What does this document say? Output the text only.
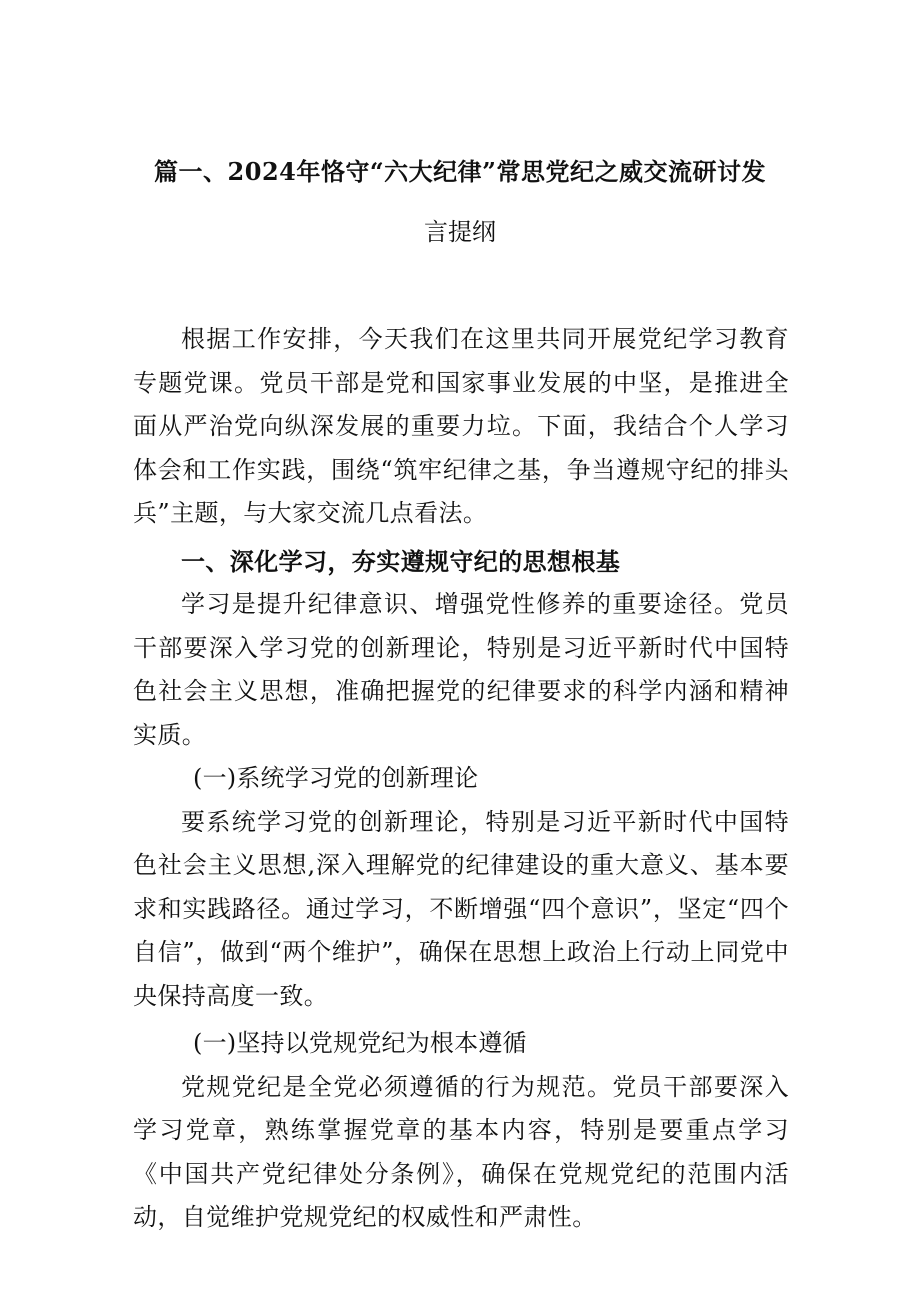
篇一、2024年恪守“六大纪律”常思党纪之威交流研讨发
言提纲

根据工作安排，今天我们在这里共同开展党纪学习教育专题党课。党员干部是党和国家事业发展的中坚，是推进全面从严治党向纵深发展的重要力垃。下面，我结合个人学习体会和工作实践，围绕“筑牢纪律之基，争当遵规守纪的排头兵”主题，与大家交流几点看法。

一、深化学习，夯实遵规守纪的思想根基

学习是提升纪律意识、增强党性修养的重要途径。党员干部要深入学习党的创新理论，特别是习近平新时代中国特色社会主义思想，准确把握党的纪律要求的科学内涵和精神实质。

(一)系统学习党的创新理论

要系统学习党的创新理论，特别是习近平新时代中国特色社会主义思想,深入理解党的纪律建设的重大意义、基本要求和实践路径。通过学习，不断增强“四个意识”，坚定“四个自信”，做到“两个维护”，确保在思想上政治上行动上同党中央保持高度一致。

(一)坚持以党规党纪为根本遵循

党规党纪是全党必须遵循的行为规范。党员干部要深入学习党章，熟练掌握党章的基本内容，特别是要重点学习《中国共产党纪律处分条例》，确保在党规党纪的范围内活动，自觉维护党规党纪的权威性和严肃性。
